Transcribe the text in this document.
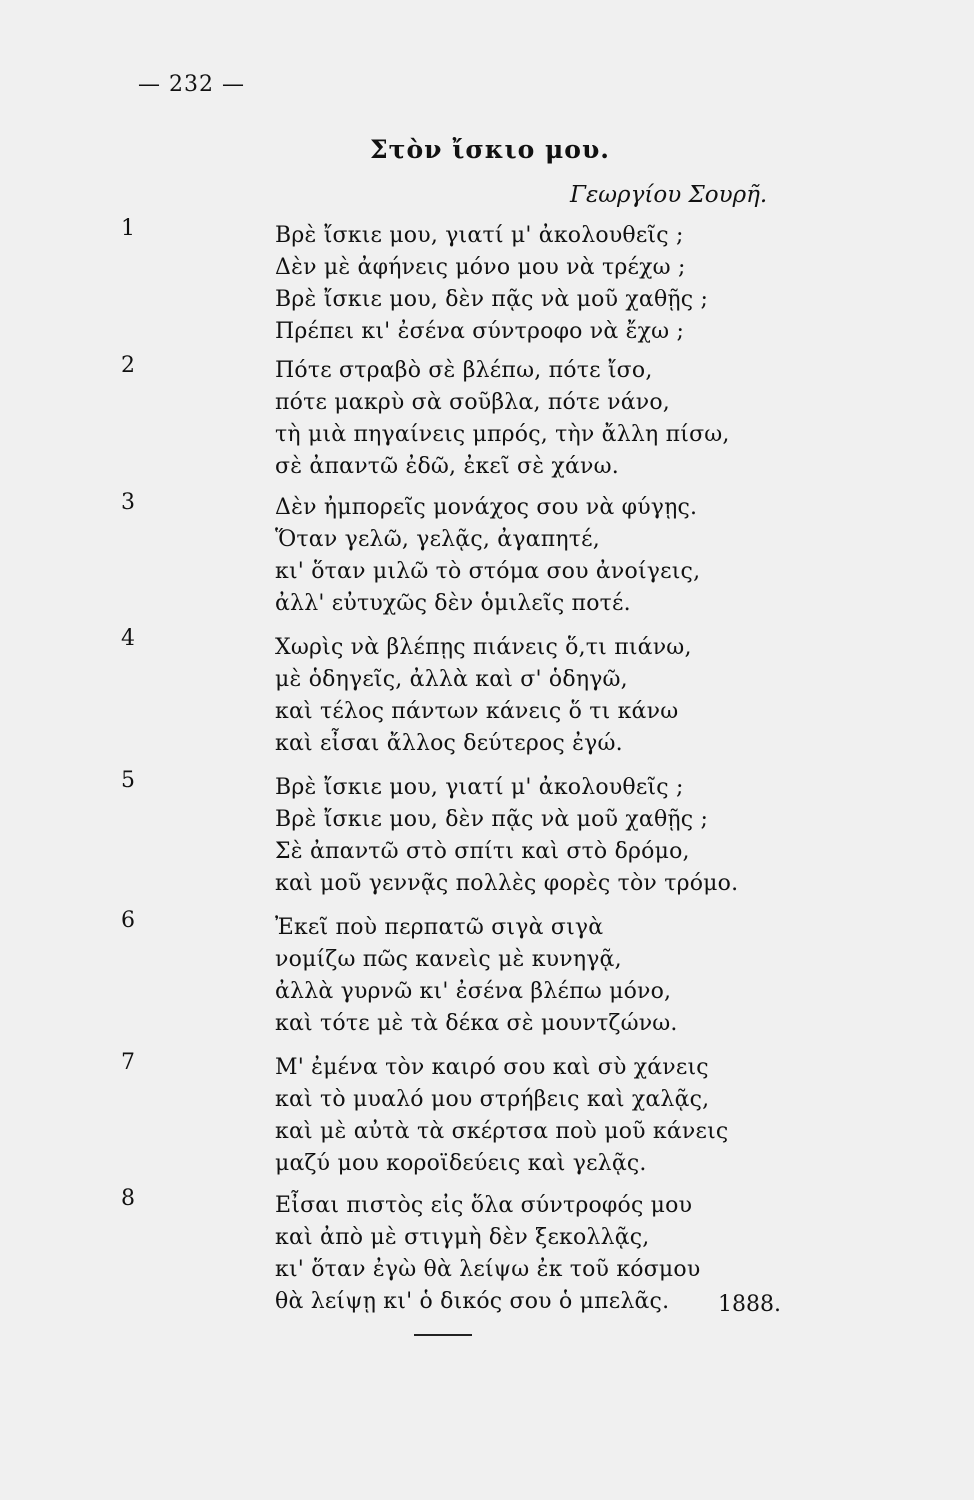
— 232 —
Στὸν ἴσκιο μου.
Γεωργίου Σουρῆ.
1	Βρὲ ἴσκιε μου, γιατί μ' ἀκολουθεῖς ;
Δὲν μὲ ἀφήνεις μόνο μου νὰ τρέχω ;
Βρὲ ἴσκιε μου, δὲν πᾷς νὰ μοῦ χαθῇς ;
Πρέπει κι' ἐσένα σύντροφο νὰ ἔχω ;
2	Πότε στραβὸ σὲ βλέπω, πότε ἴσο,
πότε μακρὺ σὰ σοῦβλα, πότε νάνο,
τὴ μιὰ πηγαίνεις μπρός, τὴν ἄλλη πίσω,
σὲ ἀπαντῶ ἐδῶ, ἐκεῖ σὲ χάνω.
3	Δὲν ἠμπορεῖς μονάχος σου νὰ φύγῃς.
Ὅταν γελῶ, γελᾷς, ἀγαπητέ,
κι' ὅταν μιλῶ τὸ στόμα σου ἀνοίγεις,
ἀλλ' εὐτυχῶς δὲν ὁμιλεῖς ποτέ.
4	Χωρὶς νὰ βλέπῃς πιάνεις ὅ,τι πιάνω,
μὲ ὁδηγεῖς, ἀλλὰ καὶ σ' ὁδηγῶ,
καὶ τέλος πάντων κάνεις ὅ τι κάνω
καὶ εἶσαι ἄλλος δεύτερος ἐγώ.
5	Βρὲ ἴσκιε μου, γιατί μ' ἀκολουθεῖς ;
Βρὲ ἴσκιε μου, δὲν πᾷς νὰ μοῦ χαθῇς ;
Σὲ ἀπαντῶ στὸ σπίτι καὶ στὸ δρόμο,
καὶ μοῦ γεννᾷς πολλὲς φορὲς τὸν τρόμο.
6	Ἐκεῖ ποὺ περπατῶ σιγὰ σιγὰ
νομίζω πῶς κανεὶς μὲ κυνηγᾷ,
ἀλλὰ γυρνῶ κι' ἐσένα βλέπω μόνο,
καὶ τότε μὲ τὰ δέκα σὲ μουντζώνω.
7	Μ' ἐμένα τὸν καιρό σου καὶ σὺ χάνεις
καὶ τὸ μυαλό μου στρήβεις καὶ χαλᾷς,
καὶ μὲ αὐτὰ τὰ σκέρτσα ποὺ μοῦ κάνεις
μαζύ μου κοροϊδεύεις καὶ γελᾷς.
8	Εἶσαι πιστὸς εἰς ὅλα σύντροφός μου
καὶ ἀπὸ μὲ στιγμὴ δὲν ξεκολλᾷς,
κι' ὅταν ἐγὼ θὰ λείψω ἐκ τοῦ κόσμου
θὰ λείψῃ κι' ὁ δικός σου ὁ μπελᾶς.	1888.
